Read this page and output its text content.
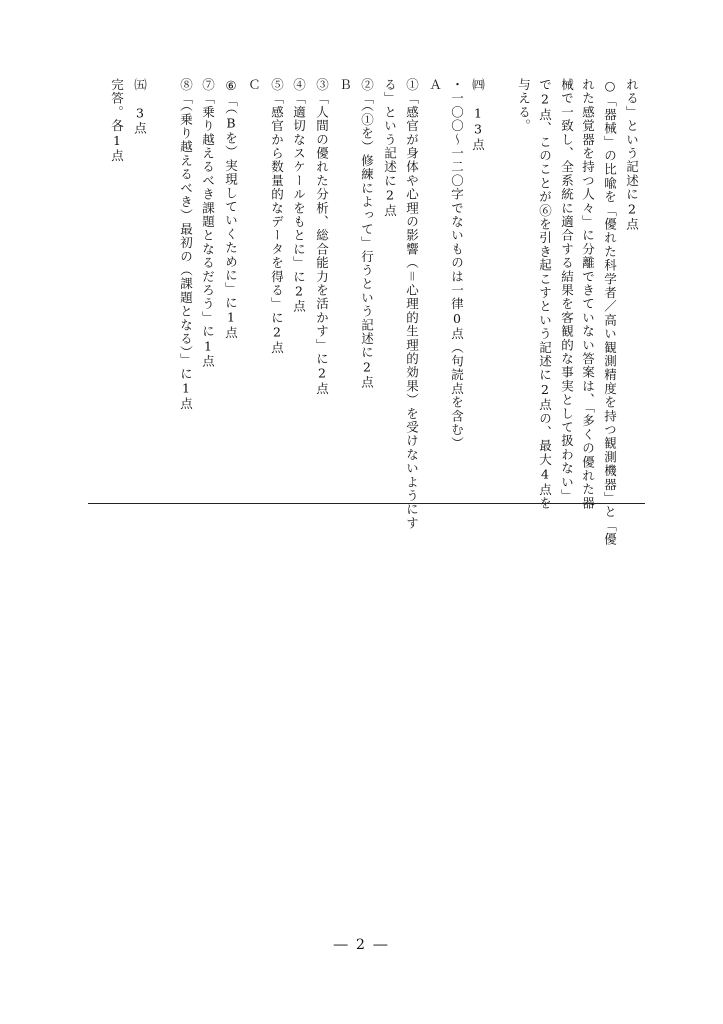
れる」という記述に2点
○「器械」の比喩を「優れた科学者／高い観測精度を持つ観測機器」と「優
れた感覚器を持つ人々」に分離できていない答案は、「多くの優れた器
械で一致し、全系統に適合する結果を客観的な事実として扱わない」
で2点、このことが⑥を引き起こすという記述に2点の、最大4点を
与える。
㈣　13点
・一〇〇〜一二〇字でないものは一律0点（句読点を含む）
Ａ
①「感官が身体や心理の影響（＝心理的生理的効果）を受けないようにす
る」という記述に2点
②「（①を）修練によって」行うという記述に2点
Ｂ
③「人間の優れた分析、総合能力を活かす」に2点
④「適切なスケールをもとに」に2点
⑤「感官から数量的なデータを得る」に2点
Ｃ
⑥「（Bを）実現していくために」に1点
⑦「乗り越えるべき課題となるだろう」に1点
⑧「（乗り越えるべき）最初の（課題となる）」に1点
㈤　3点
完答。各1点
― 2 ―
